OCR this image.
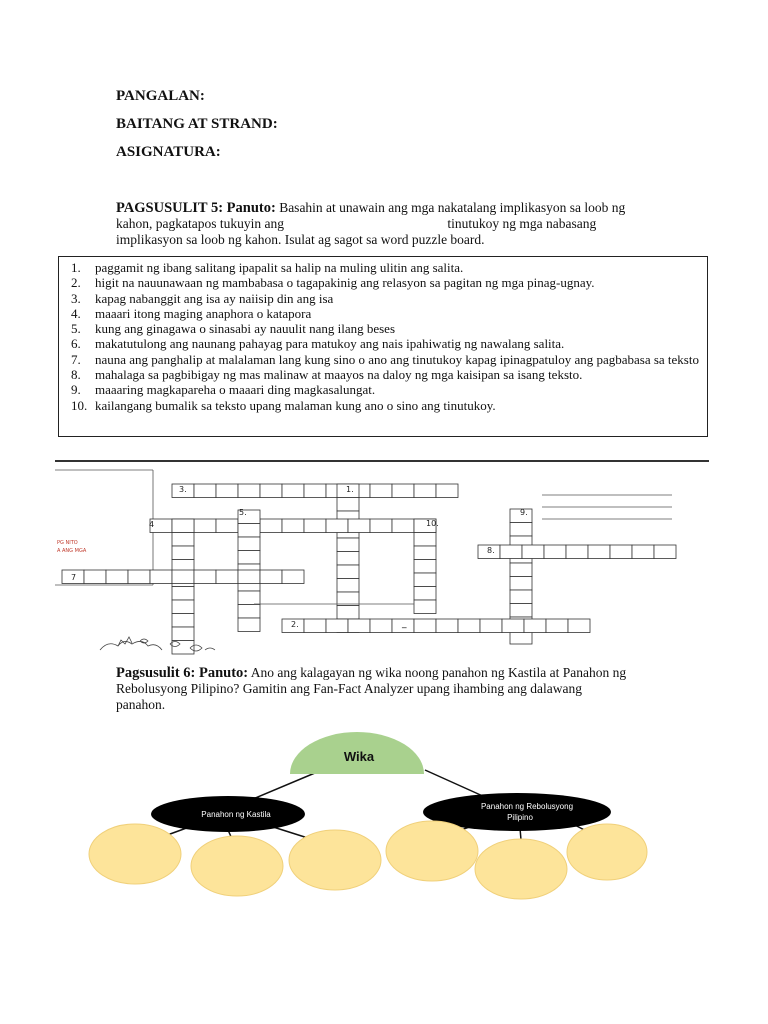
PANGALAN:
BAITANG AT STRAND:
ASIGNATURA:
PAGSUSULIT 5: Panuto: Basahin at unawain ang mga nakatalang implikasyon sa loob ng
kahon, pagkatapos tukuyin ang	tinutukoy ng mga nabasang
implikasyon sa loob ng kahon. Isulat ag sagot sa word puzzle board.
1.	paggamit ng ibang salitang ipapalit sa halip na muling ulitin ang salita.
2.	higit na nauunawaan ng mambabasa o tagapakinig ang relasyon sa pagitan ng mga pinag-ugnay.
3.	kapag nabanggit ang isa ay naiisip din ang isa
4.	maaari itong maging anaphora o katapora
5.	kung ang ginagawa o sinasabi ay nauulit nang ilang beses
6.	makatutulong ang naunang pahayag para matukoy ang nais ipahiwatig ng nawalang salita.
7.	nauna ang panghalip at malalaman lang kung sino o ano ang tinutukoy kapag ipinagpatuloy ang pagbabasa sa teksto
8.	mahalaga sa pagbibigay ng mas malinaw at maayos na daloy ng mga kaisipan sa isang teksto.
9.	maaaring magkapareha o maaari ding magkasalungat.
10. kailangang bumalik sa teksto upang malaman kung ano o sino ang tinutukoy.
3.	1.
4
5.
10.
9.
8.
7
2.	_
PG NITO
A ANG MGA
Pagsusulit 6: Panuto: Ano ang kalagayan ng wika noong panahon ng Kastila at Panahon ng
Rebolusyong Pilipino? Gamitin ang Fan-Fact Analyzer upang ihambing ang dalawang
panahon.
Wika
Panahon ng Kastila
Panahon ng Rebolusyong
Pilipino
